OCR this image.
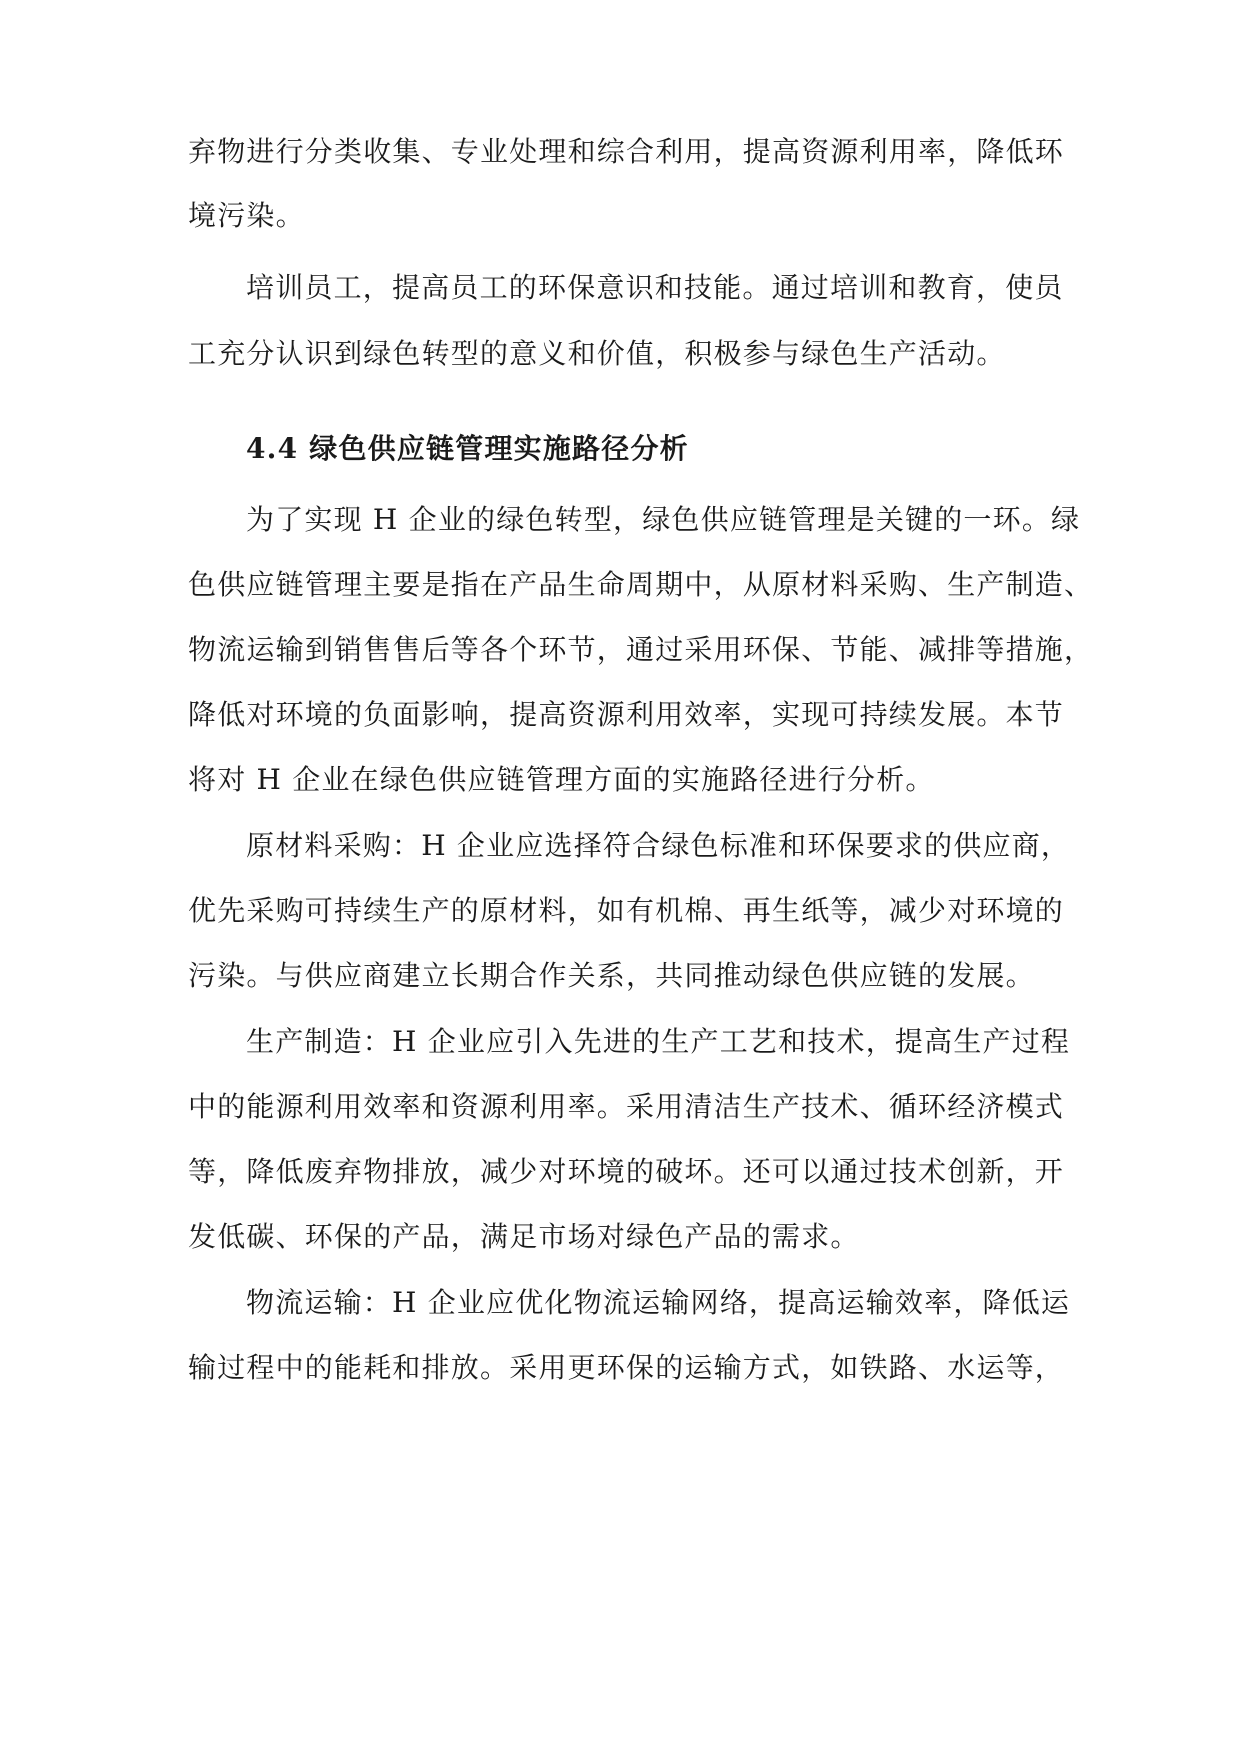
弃物进行分类收集、专业处理和综合利用，提高资源利用率，降低环
境污染。
培训员工，提高员工的环保意识和技能。通过培训和教育，使员
工充分认识到绿色转型的意义和价值，积极参与绿色生产活动。
4.4 绿色供应链管理实施路径分析
为了实现 H 企业的绿色转型，绿色供应链管理是关键的一环。绿
色供应链管理主要是指在产品生命周期中，从原材料采购、生产制造、
物流运输到销售售后等各个环节，通过采用环保、节能、减排等措施，
降低对环境的负面影响，提高资源利用效率，实现可持续发展。本节
将对 H 企业在绿色供应链管理方面的实施路径进行分析。
原材料采购：H 企业应选择符合绿色标准和环保要求的供应商，
优先采购可持续生产的原材料，如有机棉、再生纸等，减少对环境的
污染。与供应商建立长期合作关系，共同推动绿色供应链的发展。
生产制造：H 企业应引入先进的生产工艺和技术，提高生产过程
中的能源利用效率和资源利用率。采用清洁生产技术、循环经济模式
等，降低废弃物排放，减少对环境的破坏。还可以通过技术创新，开
发低碳、环保的产品，满足市场对绿色产品的需求。
物流运输：H 企业应优化物流运输网络，提高运输效率，降低运
输过程中的能耗和排放。采用更环保的运输方式，如铁路、水运等，
